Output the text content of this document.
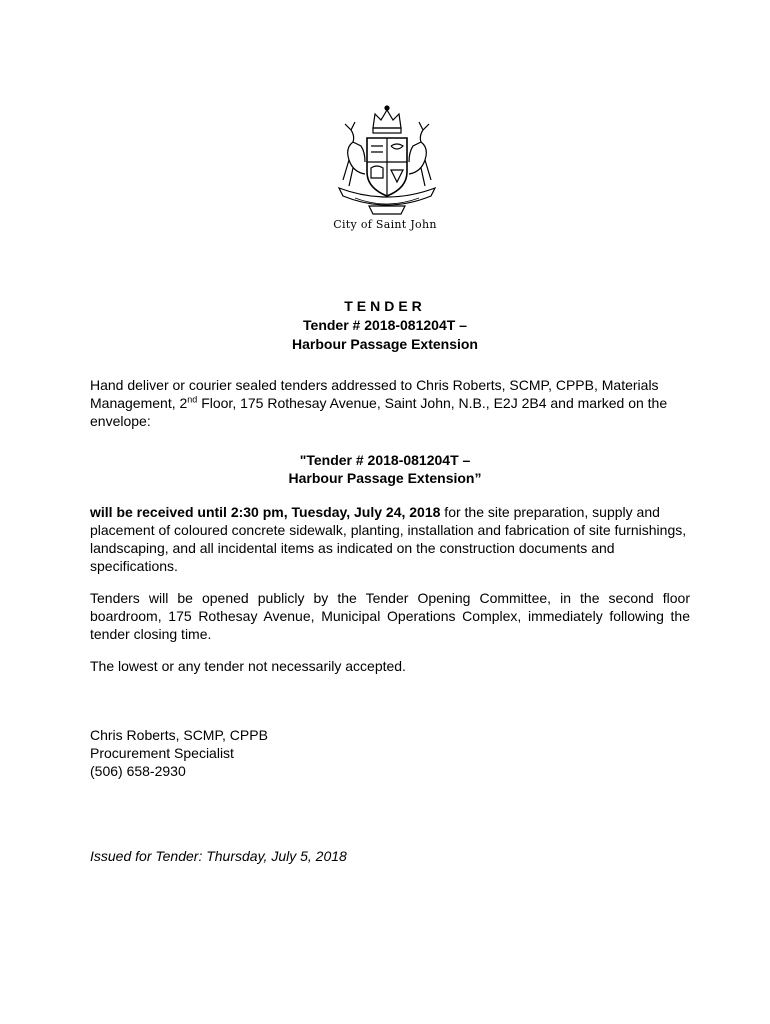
City of Saint John
TENDER
Tender # 2018-081204T –
Harbour Passage Extension
Hand deliver or courier sealed tenders addressed to Chris Roberts, SCMP, CPPB, Materials Management, 2nd Floor, 175 Rothesay Avenue, Saint John, N.B., E2J 2B4 and marked on the envelope:
"Tender # 2018-081204T –
Harbour Passage Extension”
will be received until 2:30 pm, Tuesday, July 24, 2018 for the site preparation, supply and placement of coloured concrete sidewalk, planting, installation and fabrication of site furnishings, landscaping, and all incidental items as indicated on the construction documents and specifications.
Tenders will be opened publicly by the Tender Opening Committee, in the second floor boardroom, 175 Rothesay Avenue, Municipal Operations Complex, immediately following the tender closing time.
The lowest or any tender not necessarily accepted.
Chris Roberts, SCMP, CPPB
Procurement Specialist
(506) 658-2930
Issued for Tender: Thursday, July 5, 2018
